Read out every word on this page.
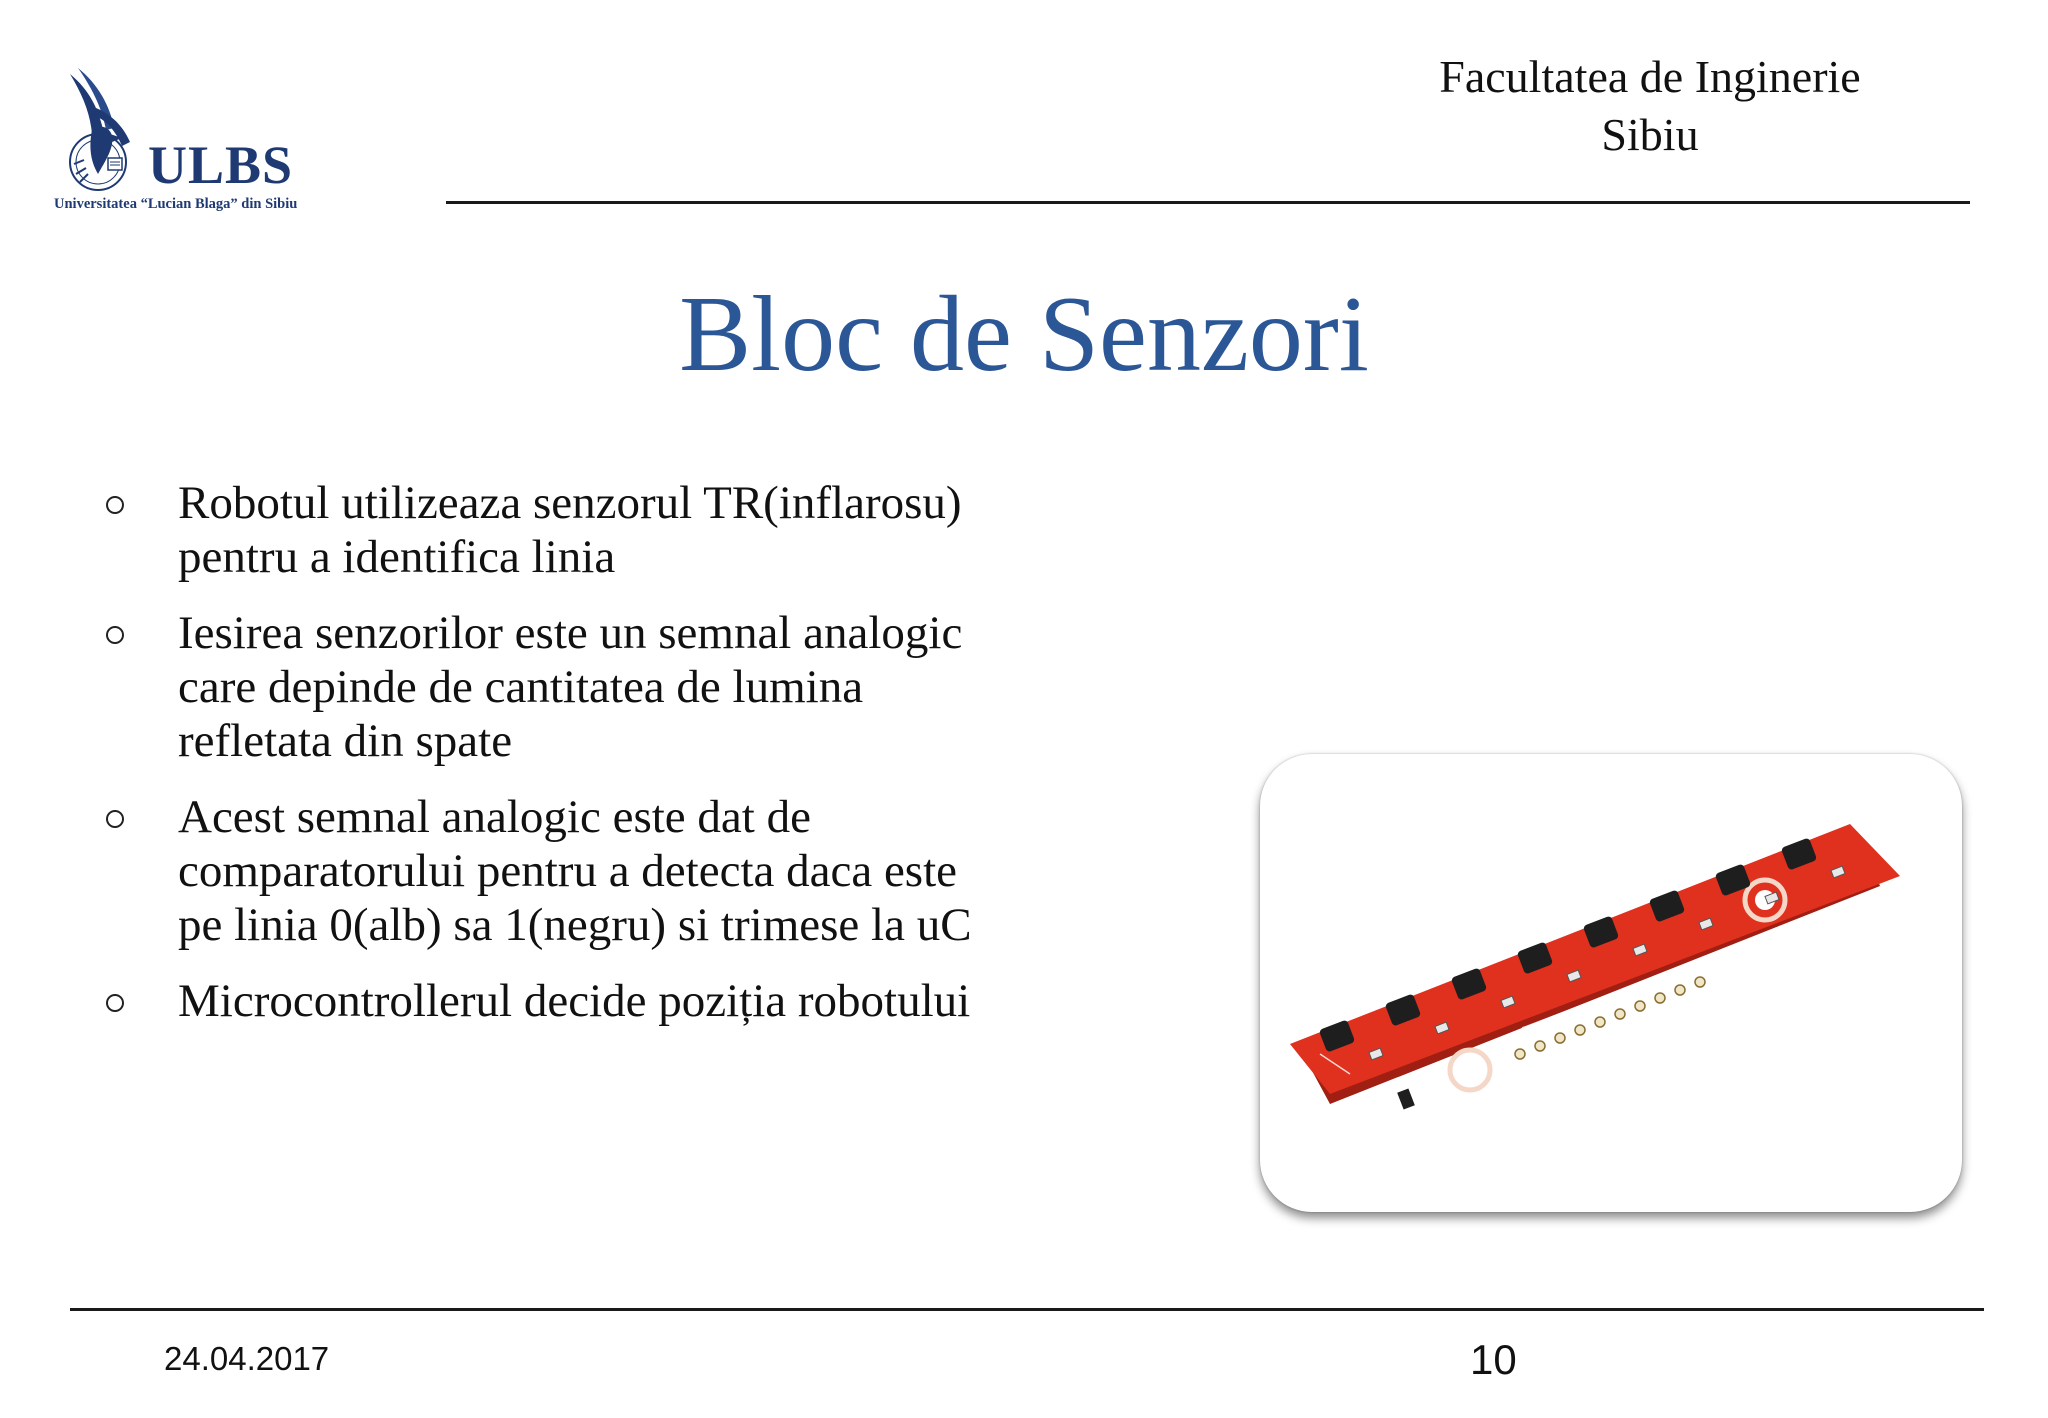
ULBS
Universitatea “Lucian Blaga” din Sibiu
Facultatea de Inginerie
Sibiu
Bloc de Senzori
Robotul utilizeaza senzorul TR(inflarosu)
pentru a identifica linia
Iesirea senzorilor este un semnal analogic
care depinde de cantitatea de lumina
refletata din spate
Acest semnal analogic este dat de
comparatorului pentru a detecta daca este
pe linia 0(alb) sa 1(negru) si trimese la uC
Microcontrollerul decide poziția robotului
24.04.2017	10
